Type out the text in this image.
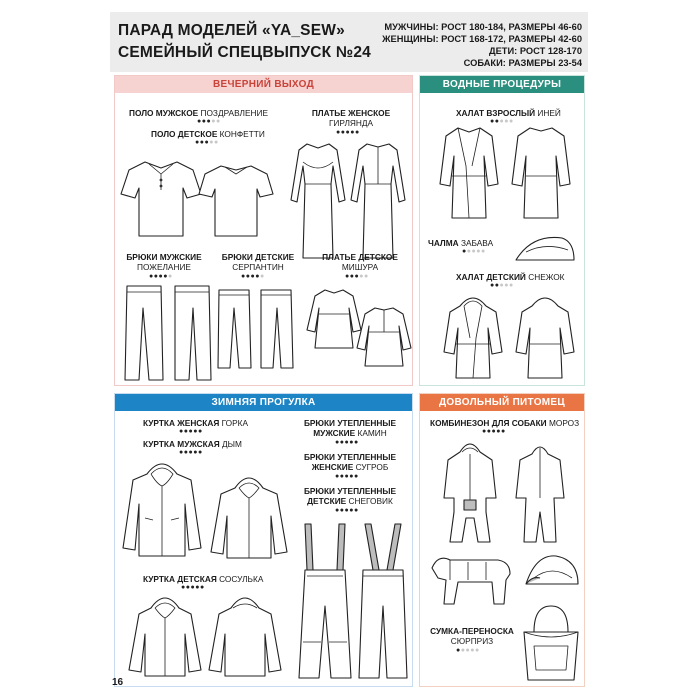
ПАРАД МОДЕЛЕЙ «YA_SEW»
СЕМЕЙНЫЙ СПЕЦВЫПУСК №24
МУЖЧИНЫ: РОСТ 180-184, РАЗМЕРЫ 46-60
ЖЕНЩИНЫ: РОСТ 168-172, РАЗМЕРЫ 42-60
ДЕТИ: РОСТ 128-170
СОБАКИ: РАЗМЕРЫ 23-54
ВЕЧЕРНИЙ ВЫХОД
ПОЛО МУЖСКОЕ ПОЗДРАВЛЕНИЕ
●●●●●
ПОЛО ДЕТСКОЕ КОНФЕТТИ
●●●●●
ПЛАТЬЕ ЖЕНСКОЕ
ГИРЛЯНДА
●●●●●
БРЮКИ МУЖСКИЕ
ПОЖЕЛАНИЕ
●●●●●
БРЮКИ ДЕТСКИЕ
СЕРПАНТИН
●●●●●
ПЛАТЬЕ ДЕТСКОЕ
МИШУРА
●●●●●
ВОДНЫЕ ПРОЦЕДУРЫ
ХАЛАТ ВЗРОСЛЫЙ ИНЕЙ
●●●●●
ЧАЛМА ЗАБАВА
●●●●●
ХАЛАТ ДЕТСКИЙ СНЕЖОК
●●●●●
ЗИМНЯЯ ПРОГУЛКА
КУРТКА ЖЕНСКАЯ ГОРКА
●●●●●
КУРТКА МУЖСКАЯ ДЫМ
●●●●●
КУРТКА ДЕТСКАЯ СОСУЛЬКА
●●●●●
БРЮКИ УТЕПЛЕННЫЕ
МУЖСКИЕ КАМИН
●●●●●
БРЮКИ УТЕПЛЕННЫЕ
ЖЕНСКИЕ СУГРОБ
●●●●●
БРЮКИ УТЕПЛЕННЫЕ
ДЕТСКИЕ СНЕГОВИК
●●●●●
ДОВОЛЬНЫЙ ПИТОМЕЦ
КОМБИНЕЗОН ДЛЯ СОБАКИ МОРОЗ
●●●●●
СУМКА-ПЕРЕНОСКА
СЮРПРИЗ
●●●●●
16
